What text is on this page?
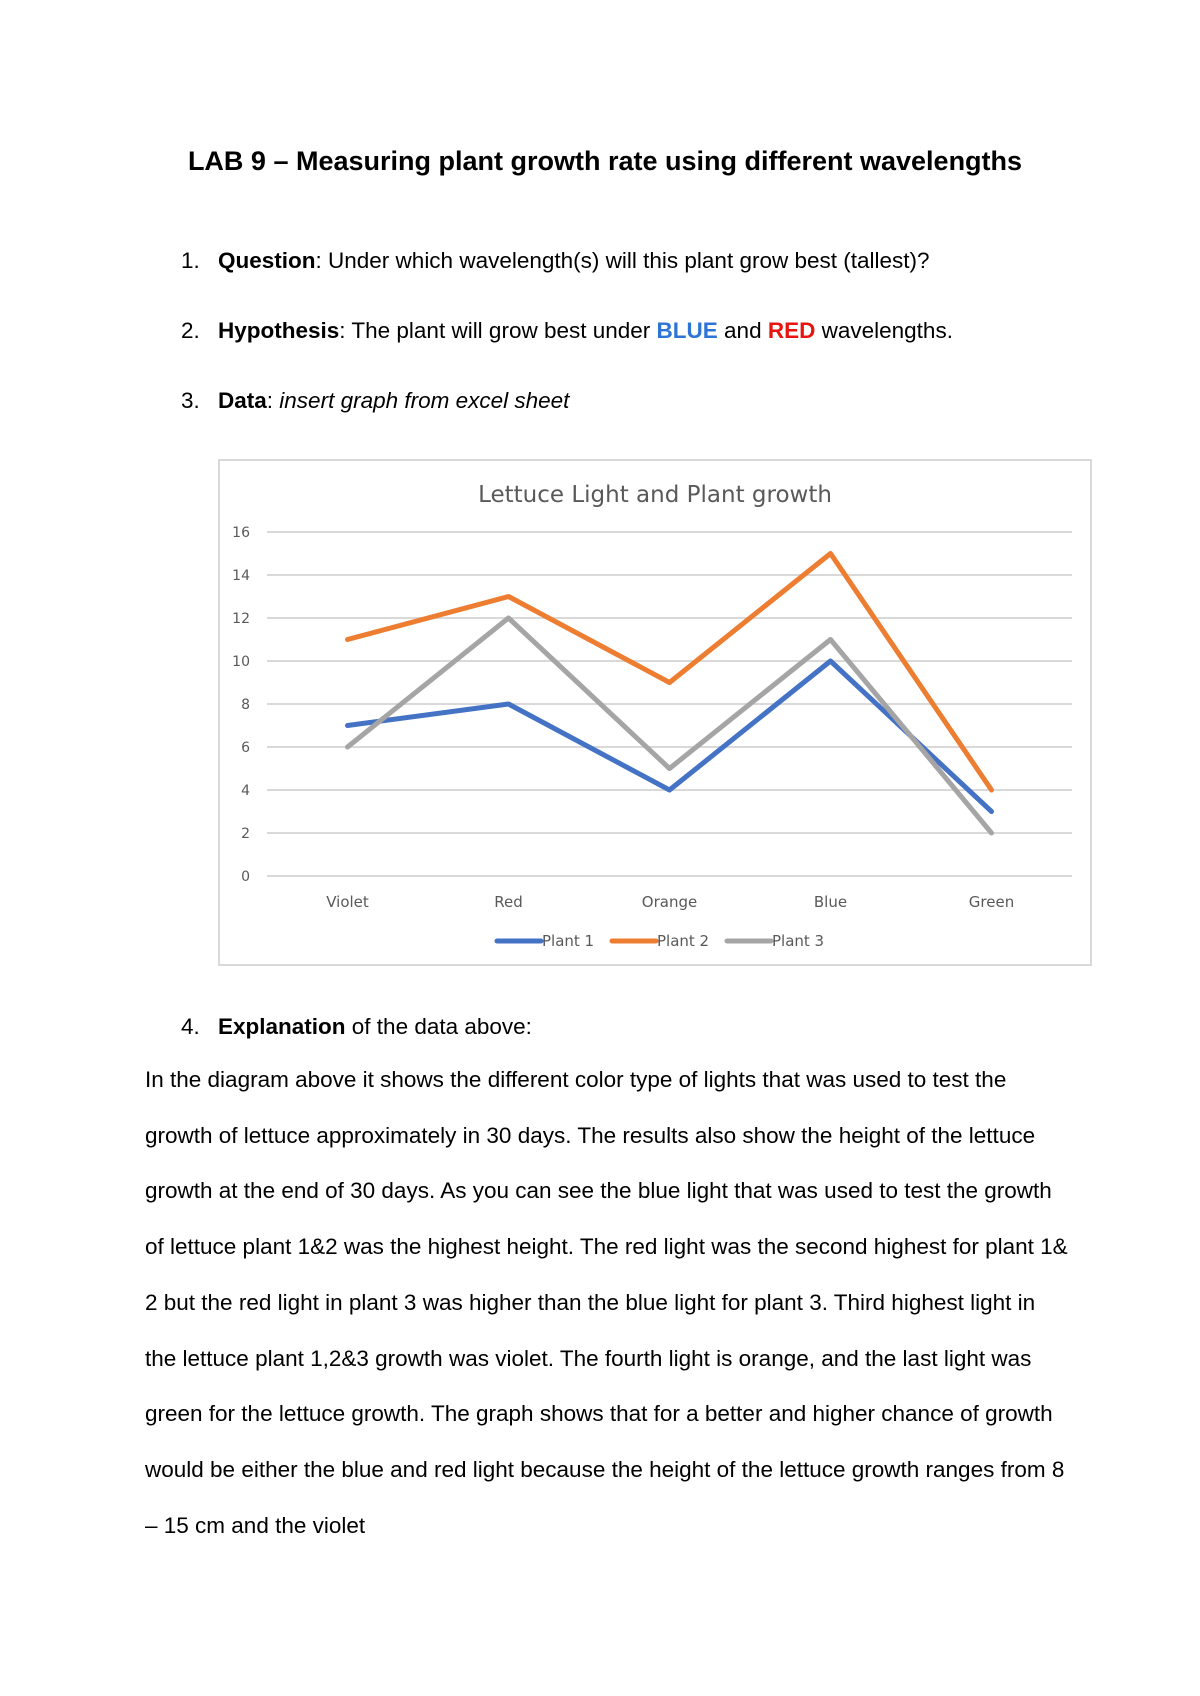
LAB 9 – Measuring plant growth rate using different wavelengths
1. Question: Under which wavelength(s) will this plant grow best (tallest)?
2. Hypothesis: The plant will grow best under BLUE and RED wavelengths.
3. Data: insert graph from excel sheet
Lettuce Light and Plant growth
0
2
4
6
8
10
12
14
16
Violet	Red	Orange	Blue	Green
Plant 1	Plant 2	Plant 3
4. Explanation of the data above:

In the diagram above it shows the different color type of lights that was used to test the growth of lettuce approximately in 30 days. The results also show the height of the lettuce growth at the end of 30 days. As you can see the blue light that was used to test the growth of lettuce plant 1&2 was the highest height. The red light was the second highest for plant 1& 2 but the red light in plant 3 was higher than the blue light for plant 3. Third highest light in the lettuce plant 1,2&3 growth was violet. The fourth light is orange, and the last light was green for the lettuce growth. The graph shows that for a better and higher chance of growth would be either the blue and red light because the height of the lettuce growth ranges from 8 – 15 cm and the violet
